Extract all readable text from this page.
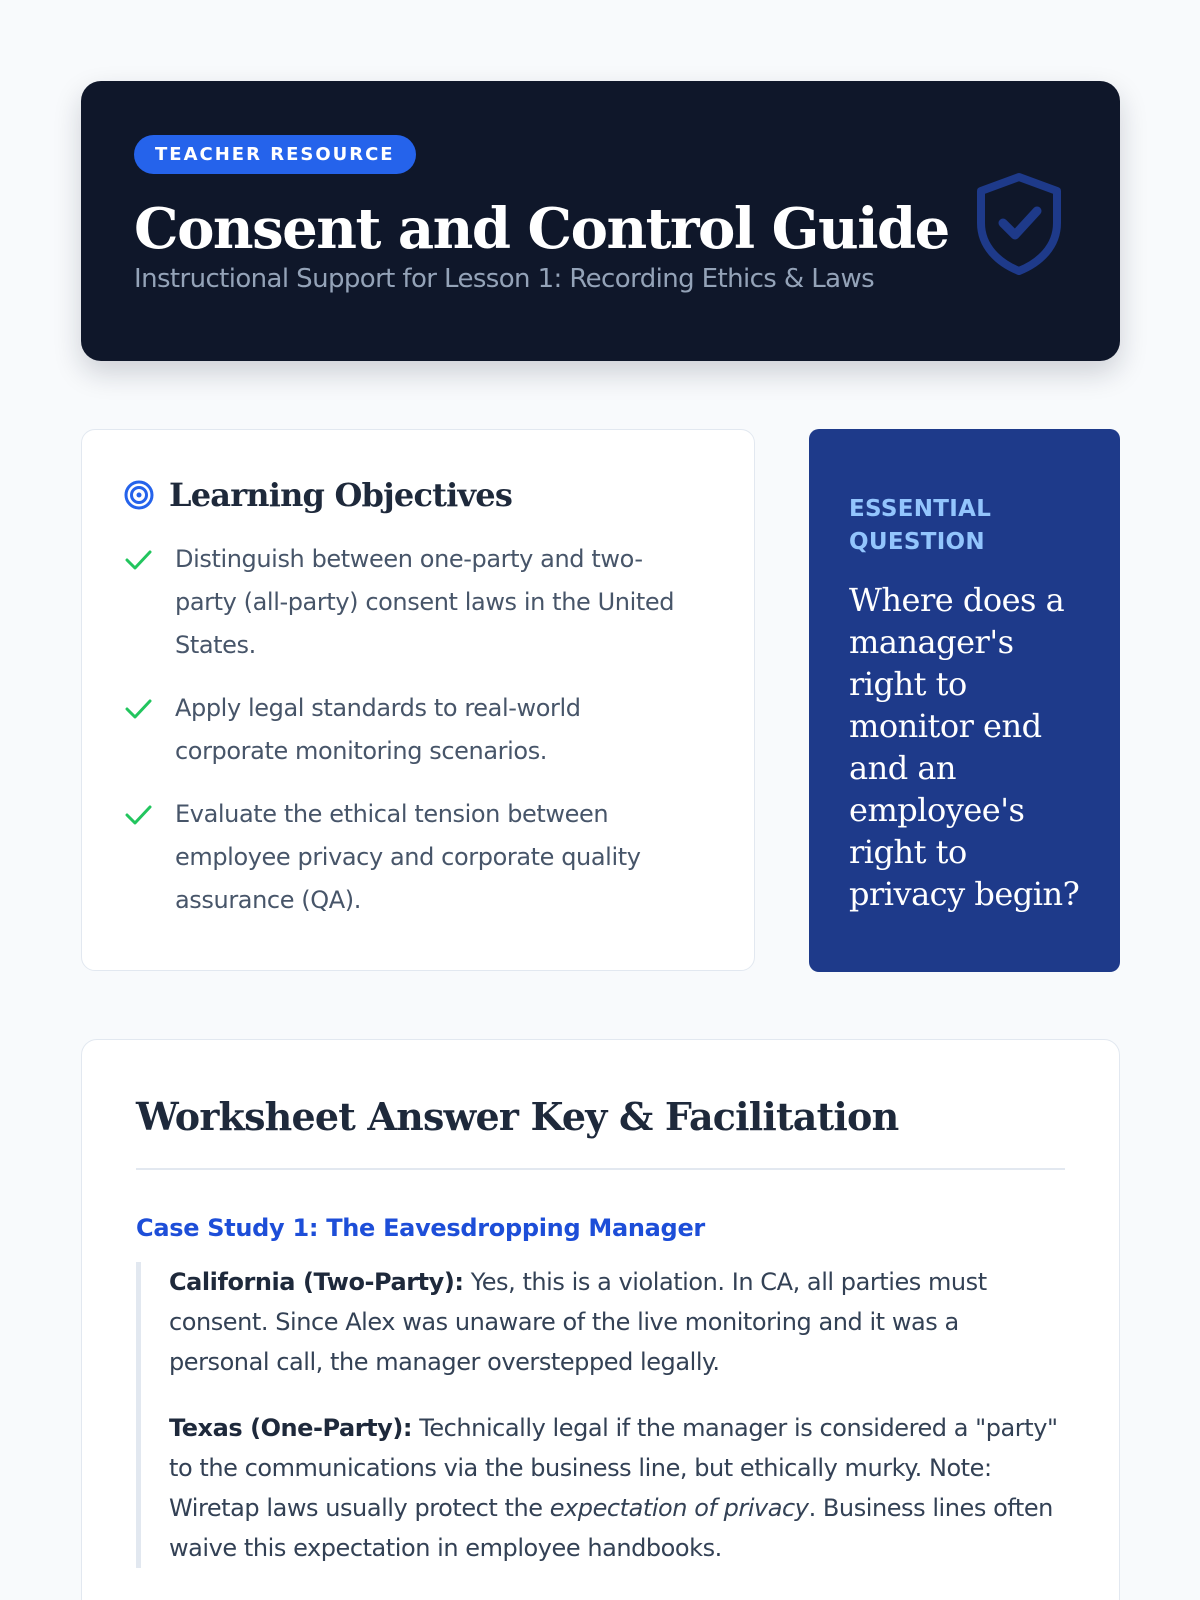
TEACHER RESOURCE
Consent and Control Guide
Instructional Support for Lesson 1: Recording Ethics & Laws
Learning Objectives
Distinguish between one-party and two-party (all-party) consent laws in the United States.
Apply legal standards to real-world corporate monitoring scenarios.
Evaluate the ethical tension between employee privacy and corporate quality assurance (QA).
ESSENTIAL QUESTION
Where does a manager's right to monitor end and an employee's right to privacy begin?
Worksheet Answer Key & Facilitation
Case Study 1: The Eavesdropping Manager

California (Two-Party): Yes, this is a violation. In CA, all parties must consent. Since Alex was unaware of the live monitoring and it was a personal call, the manager overstepped legally.

Texas (One-Party): Technically legal if the manager is considered a "party" to the communications via the business line, but ethically murky. Note: Wiretap laws usually protect the expectation of privacy. Business lines often waive this expectation in employee handbooks.
